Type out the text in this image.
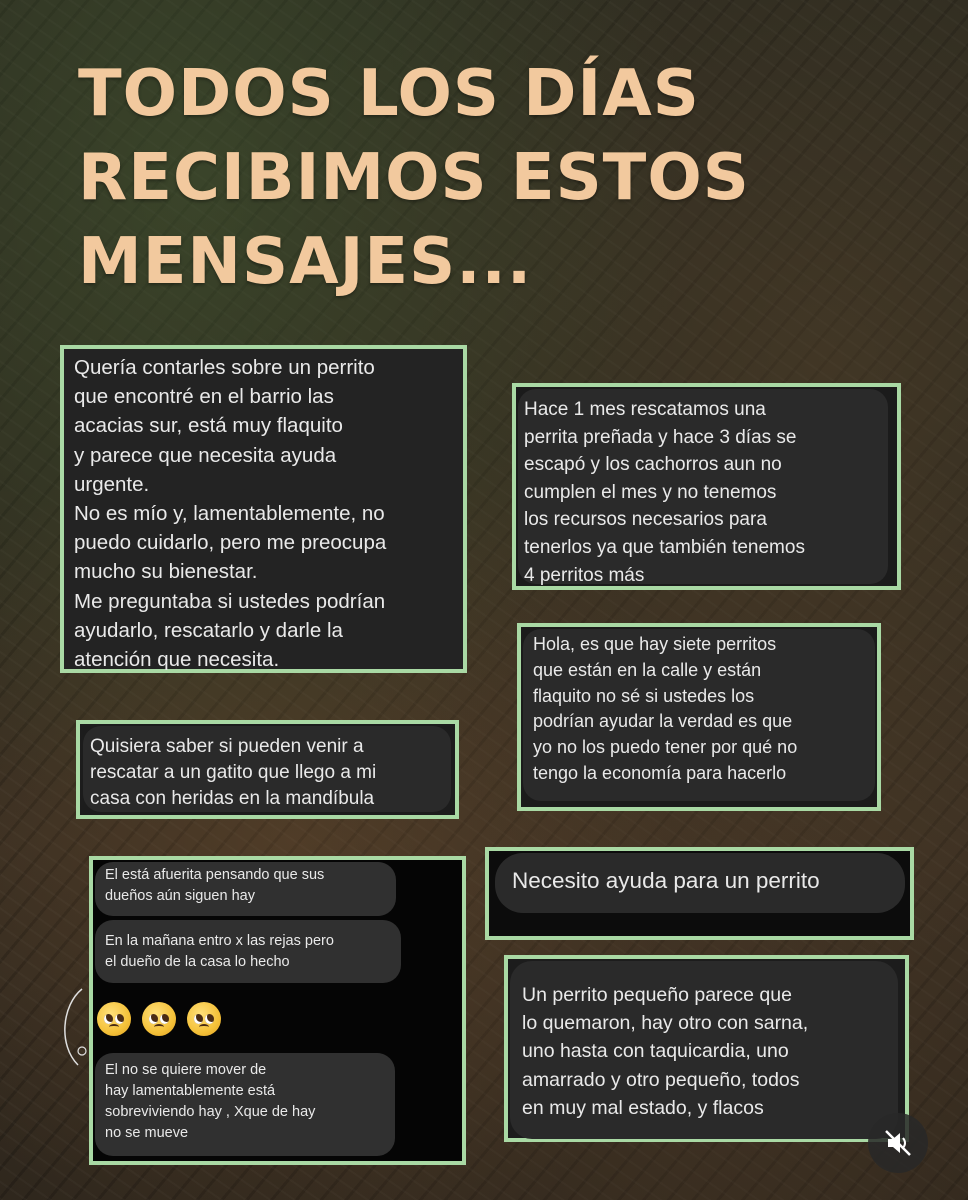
TODOS LOS DÍAS
RECIBIMOS ESTOS
MENSAJES...

Quería contarles sobre un perrito
que encontré en el barrio las
acacias sur, está muy flaquito
y parece que necesita ayuda
urgente.
No es mío y, lamentablemente, no
puedo cuidarlo, pero me preocupa
mucho su bienestar.
Me preguntaba si ustedes podrían
ayudarlo, rescatarlo y darle la
atención que necesita.

Hace 1 mes rescatamos una
perrita preñada y hace 3 días se
escapó y los cachorros aun no
cumplen el mes y no tenemos
los recursos necesarios para
tenerlos ya que también tenemos
4 perritos más

Hola, es que hay siete perritos
que están en la calle y están
flaquito no sé si ustedes los
podrían ayudar la verdad es que
yo no los puedo tener por qué no
tengo la economía para hacerlo

Quisiera saber si pueden venir a
rescatar a un gatito que llego a mi
casa con heridas en la mandíbula

El está afuerita pensando que sus
dueños aún siguen hay

En la mañana entro x las rejas pero
el dueño de la casa lo hecho

El no se quiere mover de
hay lamentablemente está
sobreviviendo hay , Xque de hay
no se mueve

Necesito ayuda para un perrito

Un perrito pequeño parece que
lo quemaron, hay otro con sarna,
uno hasta con taquicardia, uno
amarrado y otro pequeño, todos
en muy mal estado, y flacos
